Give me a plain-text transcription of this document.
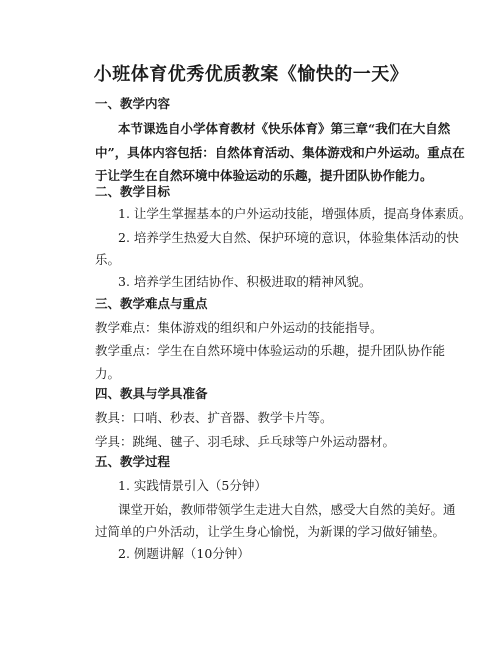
小班体育优秀优质教案《愉快的一天》
一、教学内容
本节课选自小学体育教材《快乐体育》第三章“我们在大自然
中”，具体内容包括：自然体育活动、集体游戏和户外运动。重点在
于让学生在自然环境中体验运动的乐趣，提升团队协作能力。
二、教学目标
1. 让学生掌握基本的户外运动技能，增强体质，提高身体素质。
2. 培养学生热爱大自然、保护环境的意识，体验集体活动的快
乐。
3. 培养学生团结协作、积极进取的精神风貌。
三、教学难点与重点
教学难点：集体游戏的组织和户外运动的技能指导。
教学重点：学生在自然环境中体验运动的乐趣，提升团队协作能
力。
四、教具与学具准备
教具：口哨、秒表、扩音器、教学卡片等。
学具：跳绳、毽子、羽毛球、乒乓球等户外运动器材。
五、教学过程
1. 实践情景引入（5分钟）
课堂开始，教师带领学生走进大自然，感受大自然的美好。通
过简单的户外活动，让学生身心愉悦，为新课的学习做好铺垫。
2. 例题讲解（10分钟）
